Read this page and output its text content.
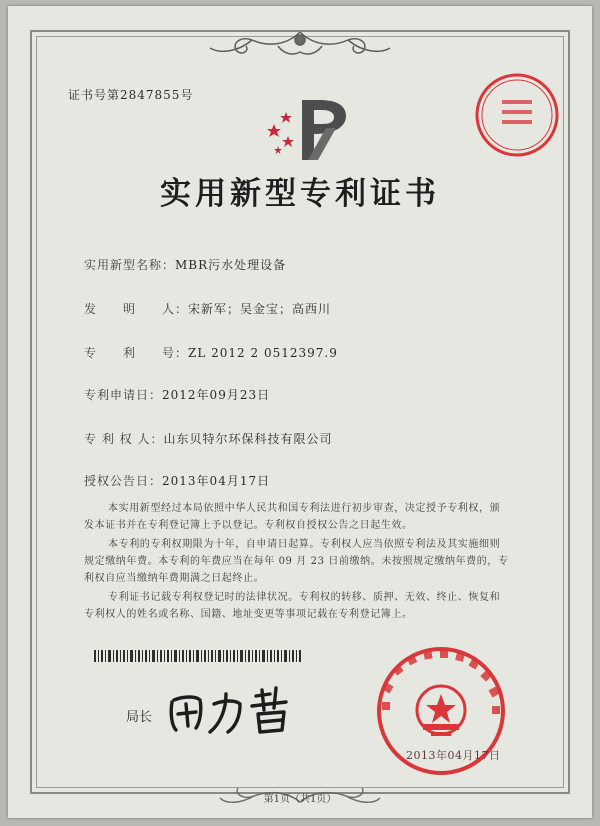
证书号第2847855号
实用新型专利证书
实用新型名称：MBR污水处理设备
发　　明　　人：宋新军；吴金宝；高西川
专　　利　　号：ZL 2012 2 0512397.9
专利申请日：2012年09月23日
专 利 权 人：山东贝特尔环保科技有限公司
授权公告日：2013年04月17日
本实用新型经过本局依照中华人民共和国专利法进行初步审查，决定授予专利权，颁
发本证书并在专利登记簿上予以登记。专利权自授权公告之日起生效。
本专利的专利权期限为十年，自申请日起算。专利权人应当依照专利法及其实施细则
规定缴纳年费。本专利的年费应当在每年 09 月 23 日前缴纳。未按照规定缴纳年费的，专
利权自应当缴纳年费期满之日起终止。
专利证书记载专利权登记时的法律状况。专利权的转移、质押、无效、终止、恢复和
专利权人的姓名或名称、国籍、地址变更等事项记载在专利登记簿上。
局长
2013年04月17日
第1页（共1页）
